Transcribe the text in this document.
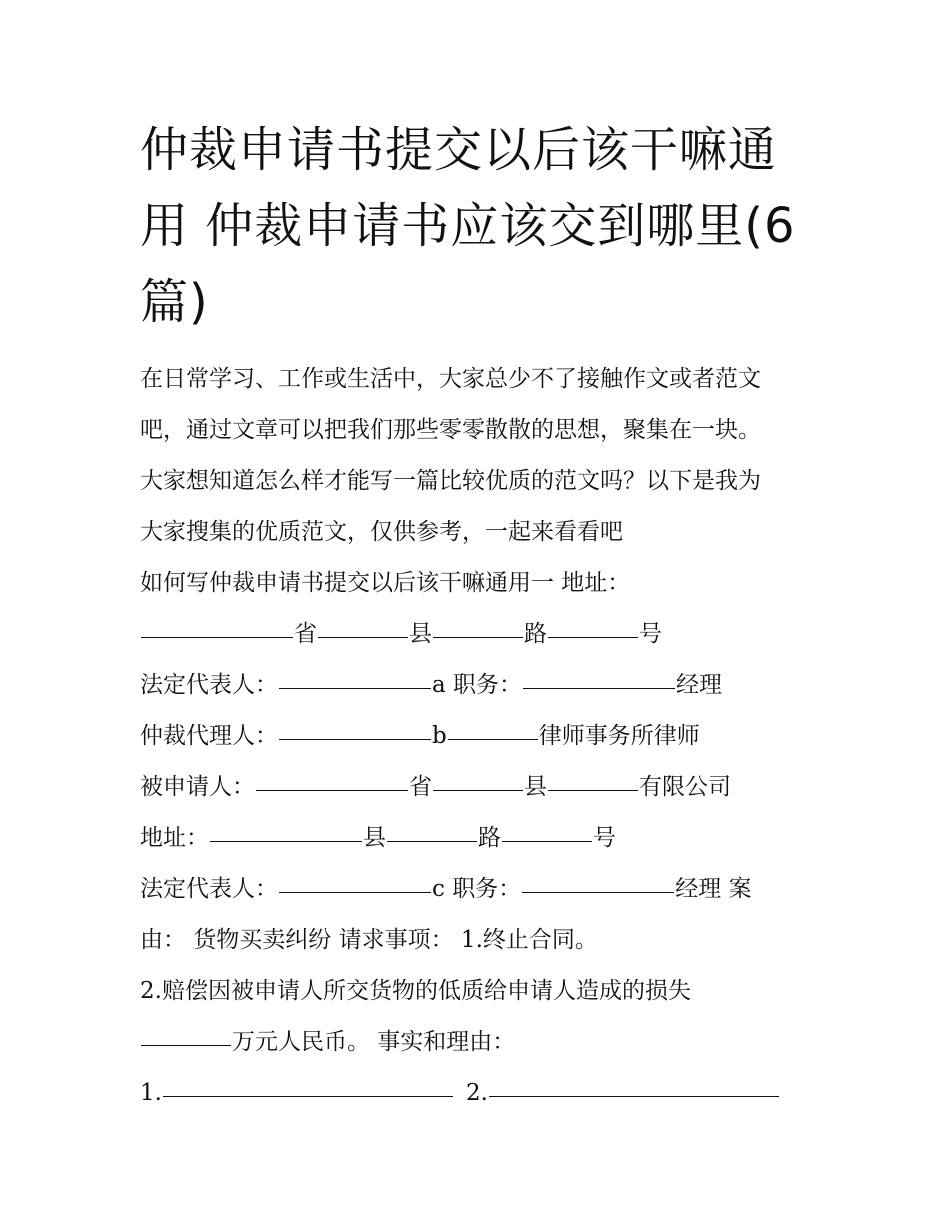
仲裁申请书提交以后该干嘛通
用 仲裁申请书应该交到哪里(6
篇)

在日常学习、工作或生活中，大家总少不了接触作文或者范文

吧，通过文章可以把我们那些零零散散的思想，聚集在一块。

大家想知道怎么样才能写一篇比较优质的范文吗？以下是我为

大家搜集的优质范文，仅供参考，一起来看看吧

如何写仲裁申请书提交以后该干嘛通用一 地址：

省	县	路	号

法定代表人：	a 职务：	经理

仲裁代理人：	b	律师事务所律师

被申请人：	省	县	有限公司

地址：	县	路	号

法定代表人：	c 职务：	经理 案

由： 货物买卖纠纷 请求事项： 1.终止合同。

2.赔偿因被申请人所交货物的低质给申请人造成的损失

万元人民币。 事实和理由：

1.	2.
